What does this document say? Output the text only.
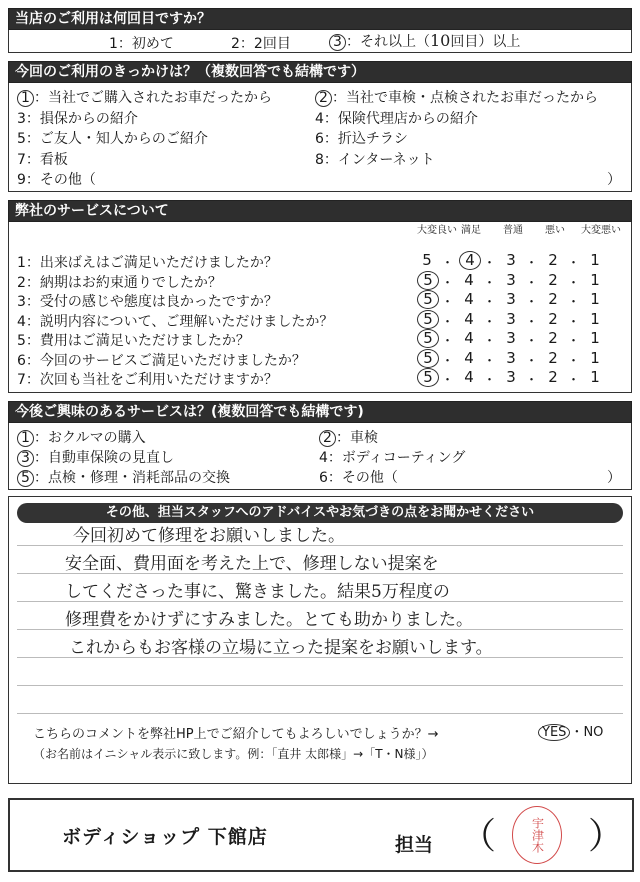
当店のご利用は何回目ですか？
1：初めて	2：2回目	3 ：それ以上（10回目）以上
今回のご利用のきっかけは？（複数回答でも結構です）
1 ：当社でご購入されたお車だったから	2 ：当社で車検・点検されたお車だったから
3：損保からの紹介	4：保険代理店からの紹介
5：ご友人・知人からのご紹介	6：折込チラシ
7：看板	8：インターネット
9：その他（	）
弊社のサービスについて
大変良い 満足 普通 悪い 大変悪い
1：出来ばえはご満足いただけましたか？	5 ・ 4 ・ 3 ・ 2 ・ 1
2：納期はお約束通りでしたか？	5 ・ 4 ・ 3 ・ 2 ・ 1
3：受付の感じや態度は良かったですか？	5 ・ 4 ・ 3 ・ 2 ・ 1
4：説明内容について、ご理解いただけましたか？	5 ・ 4 ・ 3 ・ 2 ・ 1
5：費用はご満足いただけましたか？	5 ・ 4 ・ 3 ・ 2 ・ 1
6：今回のサービスご満足いただけましたか？	5 ・ 4 ・ 3 ・ 2 ・ 1
7：次回も当社をご利用いただけますか？	5 ・ 4 ・ 3 ・ 2 ・ 1
今後ご興味のあるサービスは？(複数回答でも結構です)
1 ：おクルマの購入	2 ：車検
3 ：自動車保険の見直し	4：ボディコーティング
5 ：点検・修理・消耗部品の交換	6：その他（	）
その他、担当スタッフへのアドバイスやお気づきの点をお聞かせください
今回初めて修理をお願いしました。
安全面、費用面を考えた上で、修理しない提案を
してくださった事に、驚きました。結果5万程度の
修理費をかけずにすみました。とても助かりました。
これからもお客様の立場に立った提案をお願いします。
こちらのコメントを弊社HP上でご紹介してもよろしいでしょうか？→	YES ・NO
（お名前はイニシャル表示に致します。例：「直井 太郎様」→「T・N様」）
ボディショップ 下館店	担当 （	宇津木	）
